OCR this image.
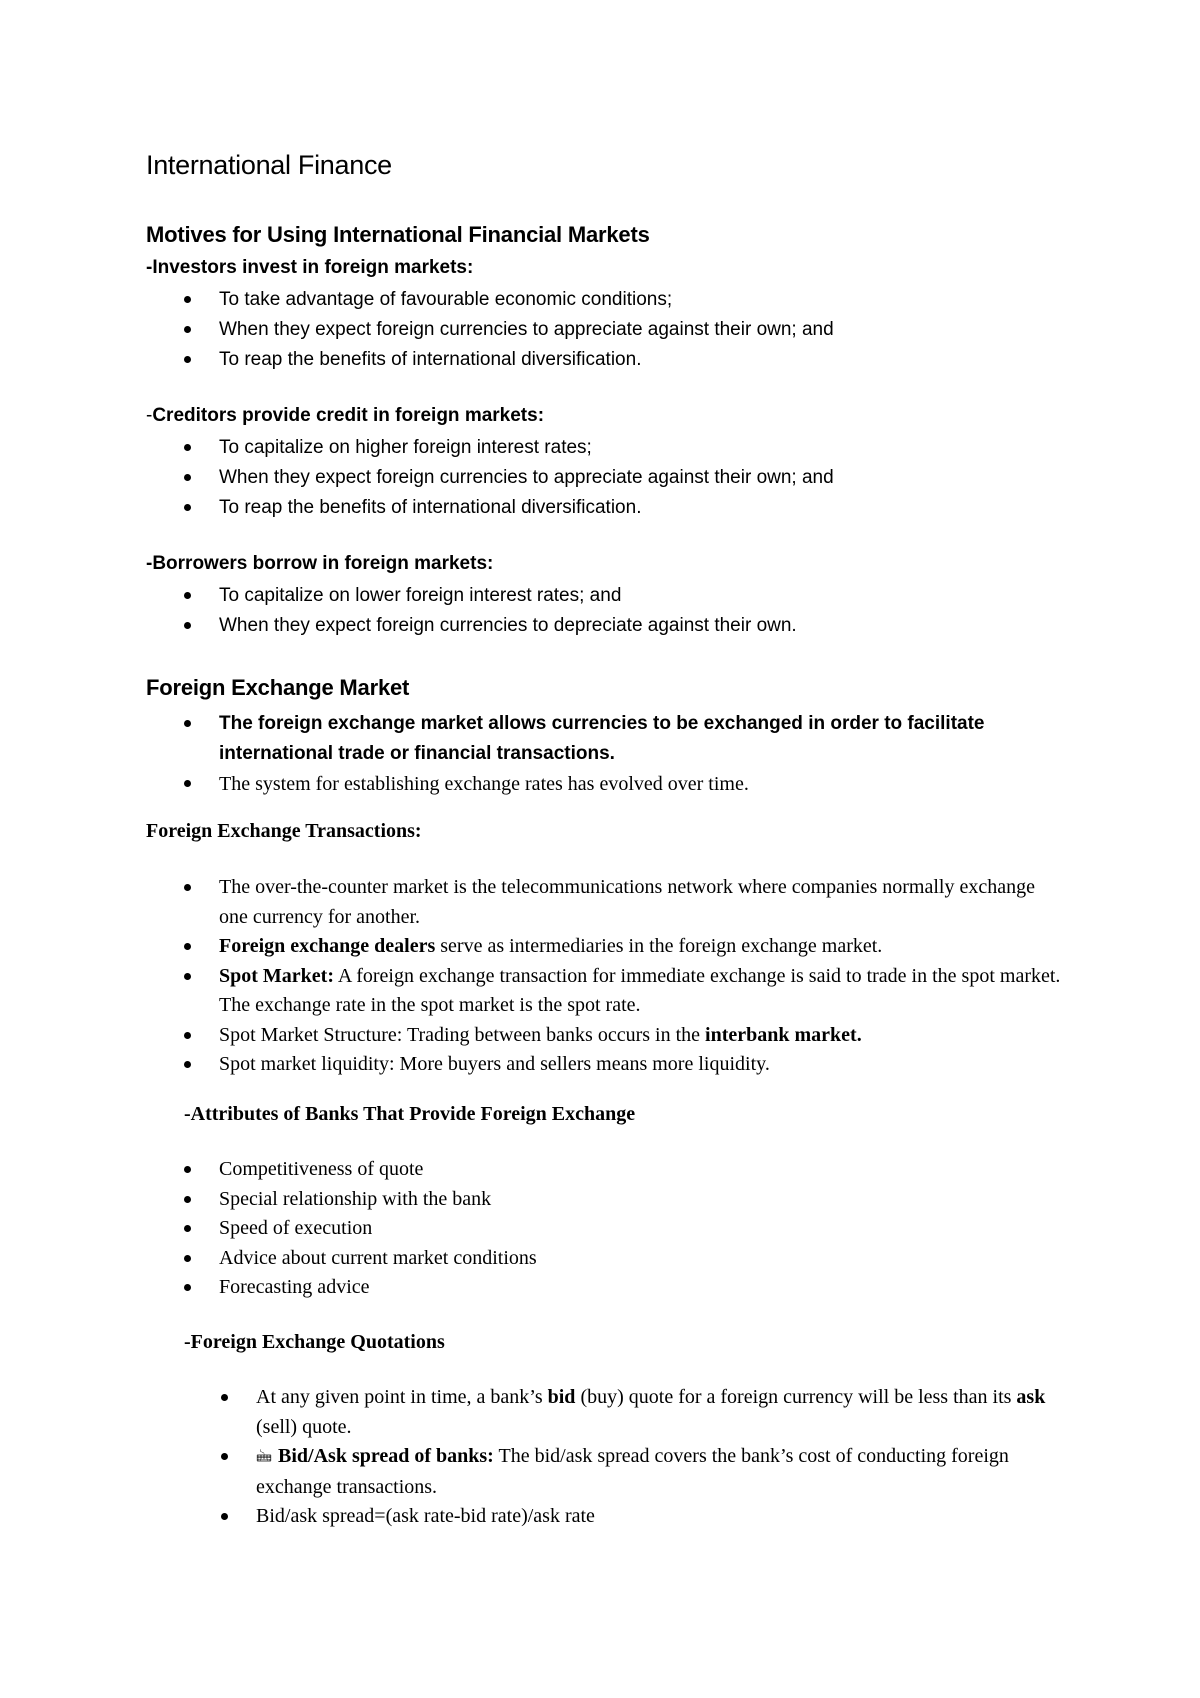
International Finance
Motives for Using International Financial Markets

-Investors invest in foreign markets:

To take advantage of favourable economic conditions;
When they expect foreign currencies to appreciate against their own; and
To reap the benefits of international diversification.

-Creditors provide credit in foreign markets:

To capitalize on higher foreign interest rates;
When they expect foreign currencies to appreciate against their own; and
To reap the benefits of international diversification.

-Borrowers borrow in foreign markets:

To capitalize on lower foreign interest rates; and
When they expect foreign currencies to depreciate against their own.
Foreign Exchange Market
The foreign exchange market allows currencies to be exchanged in order to facilitate international trade or financial transactions.
The system for establishing exchange rates has evolved over time.

Foreign Exchange Transactions:

The over-the-counter market is the telecommunications network where companies normally exchange one currency for another.
Foreign exchange dealers serve as intermediaries in the foreign exchange market.
Spot Market: A foreign exchange transaction for immediate exchange is said to trade in the spot market. The exchange rate in the spot market is the spot rate.
Spot Market Structure: Trading between banks occurs in the interbank market.
Spot market liquidity: More buyers and sellers means more liquidity.

-Attributes of Banks That Provide Foreign Exchange

Competitiveness of quote
Special relationship with the bank
Speed of execution
Advice about current market conditions
Forecasting advice

-Foreign Exchange Quotations

At any given point in time, a bank’s bid (buy) quote for a foreign currency will be less than its ask (sell) quote.
🖮 Bid/Ask spread of banks: The bid/ask spread covers the bank’s cost of conducting foreign exchange transactions.
Bid/ask spread=(ask rate-bid rate)/ask rate
